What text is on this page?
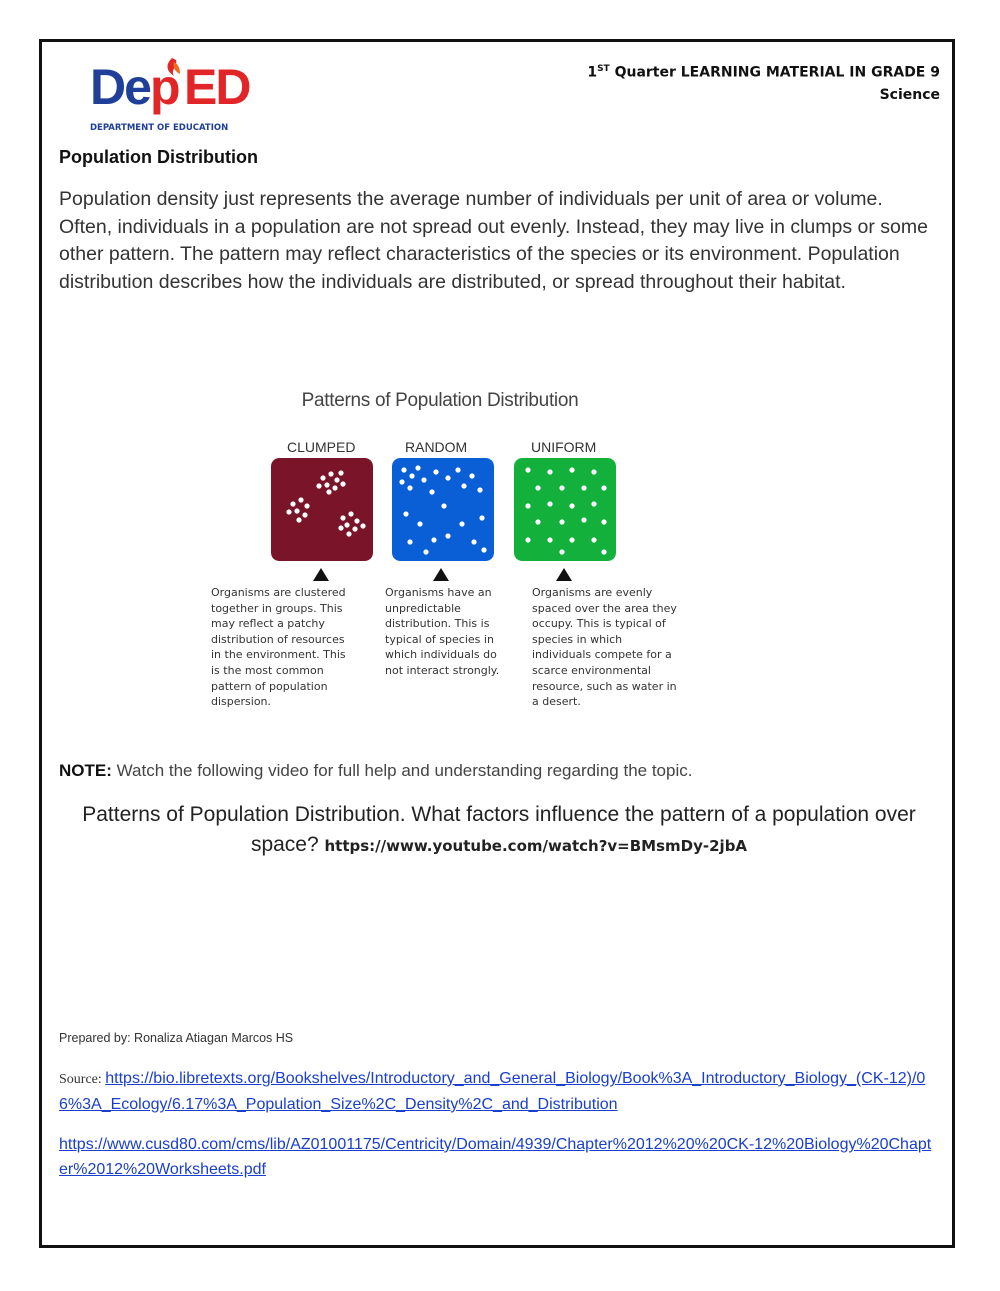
De p ED
DEPARTMENT OF EDUCATION
1ST Quarter LEARNING MATERIAL IN GRADE 9
Science
Population Distribution
Population density just represents the average number of individuals per unit of area or volume. Often, individuals in a population are not spread out evenly. Instead, they may live in clumps or some other pattern. The pattern may reflect characteristics of the species or its environment. Population distribution describes how the individuals are distributed, or spread throughout their habitat.
Patterns of Population Distribution
CLUMPED	RANDOM	UNIFORM
Organisms are clustered
together in groups. This
may reflect a patchy
distribution of resources
in the environment. This
is the most common
pattern of population
dispersion.
Organisms have an
unpredictable
distribution. This is
typical of species in
which individuals do
not interact strongly.
Organisms are evenly
spaced over the area they
occupy. This is typical of
species in which
individuals compete for a
scarce environmental
resource, such as water in
a desert.
NOTE: Watch the following video for full help and understanding regarding the topic.
Patterns of Population Distribution. What factors influence the pattern of a population over space? https://www.youtube.com/watch?v=BMsmDy-2jbA
Prepared by: Ronaliza Atiagan Marcos HS
Source: https://bio.libretexts.org/Bookshelves/Introductory_and_General_Biology/Book%3A_Introductory_Biology_(CK-12)/06%3A_Ecology/6.17%3A_Population_Size%2C_Density%2C_and_Distribution
https://www.cusd80.com/cms/lib/AZ01001175/Centricity/Domain/4939/Chapter%2012%20%20CK-12%20Biology%20Chapter%2012%20Worksheets.pdf
